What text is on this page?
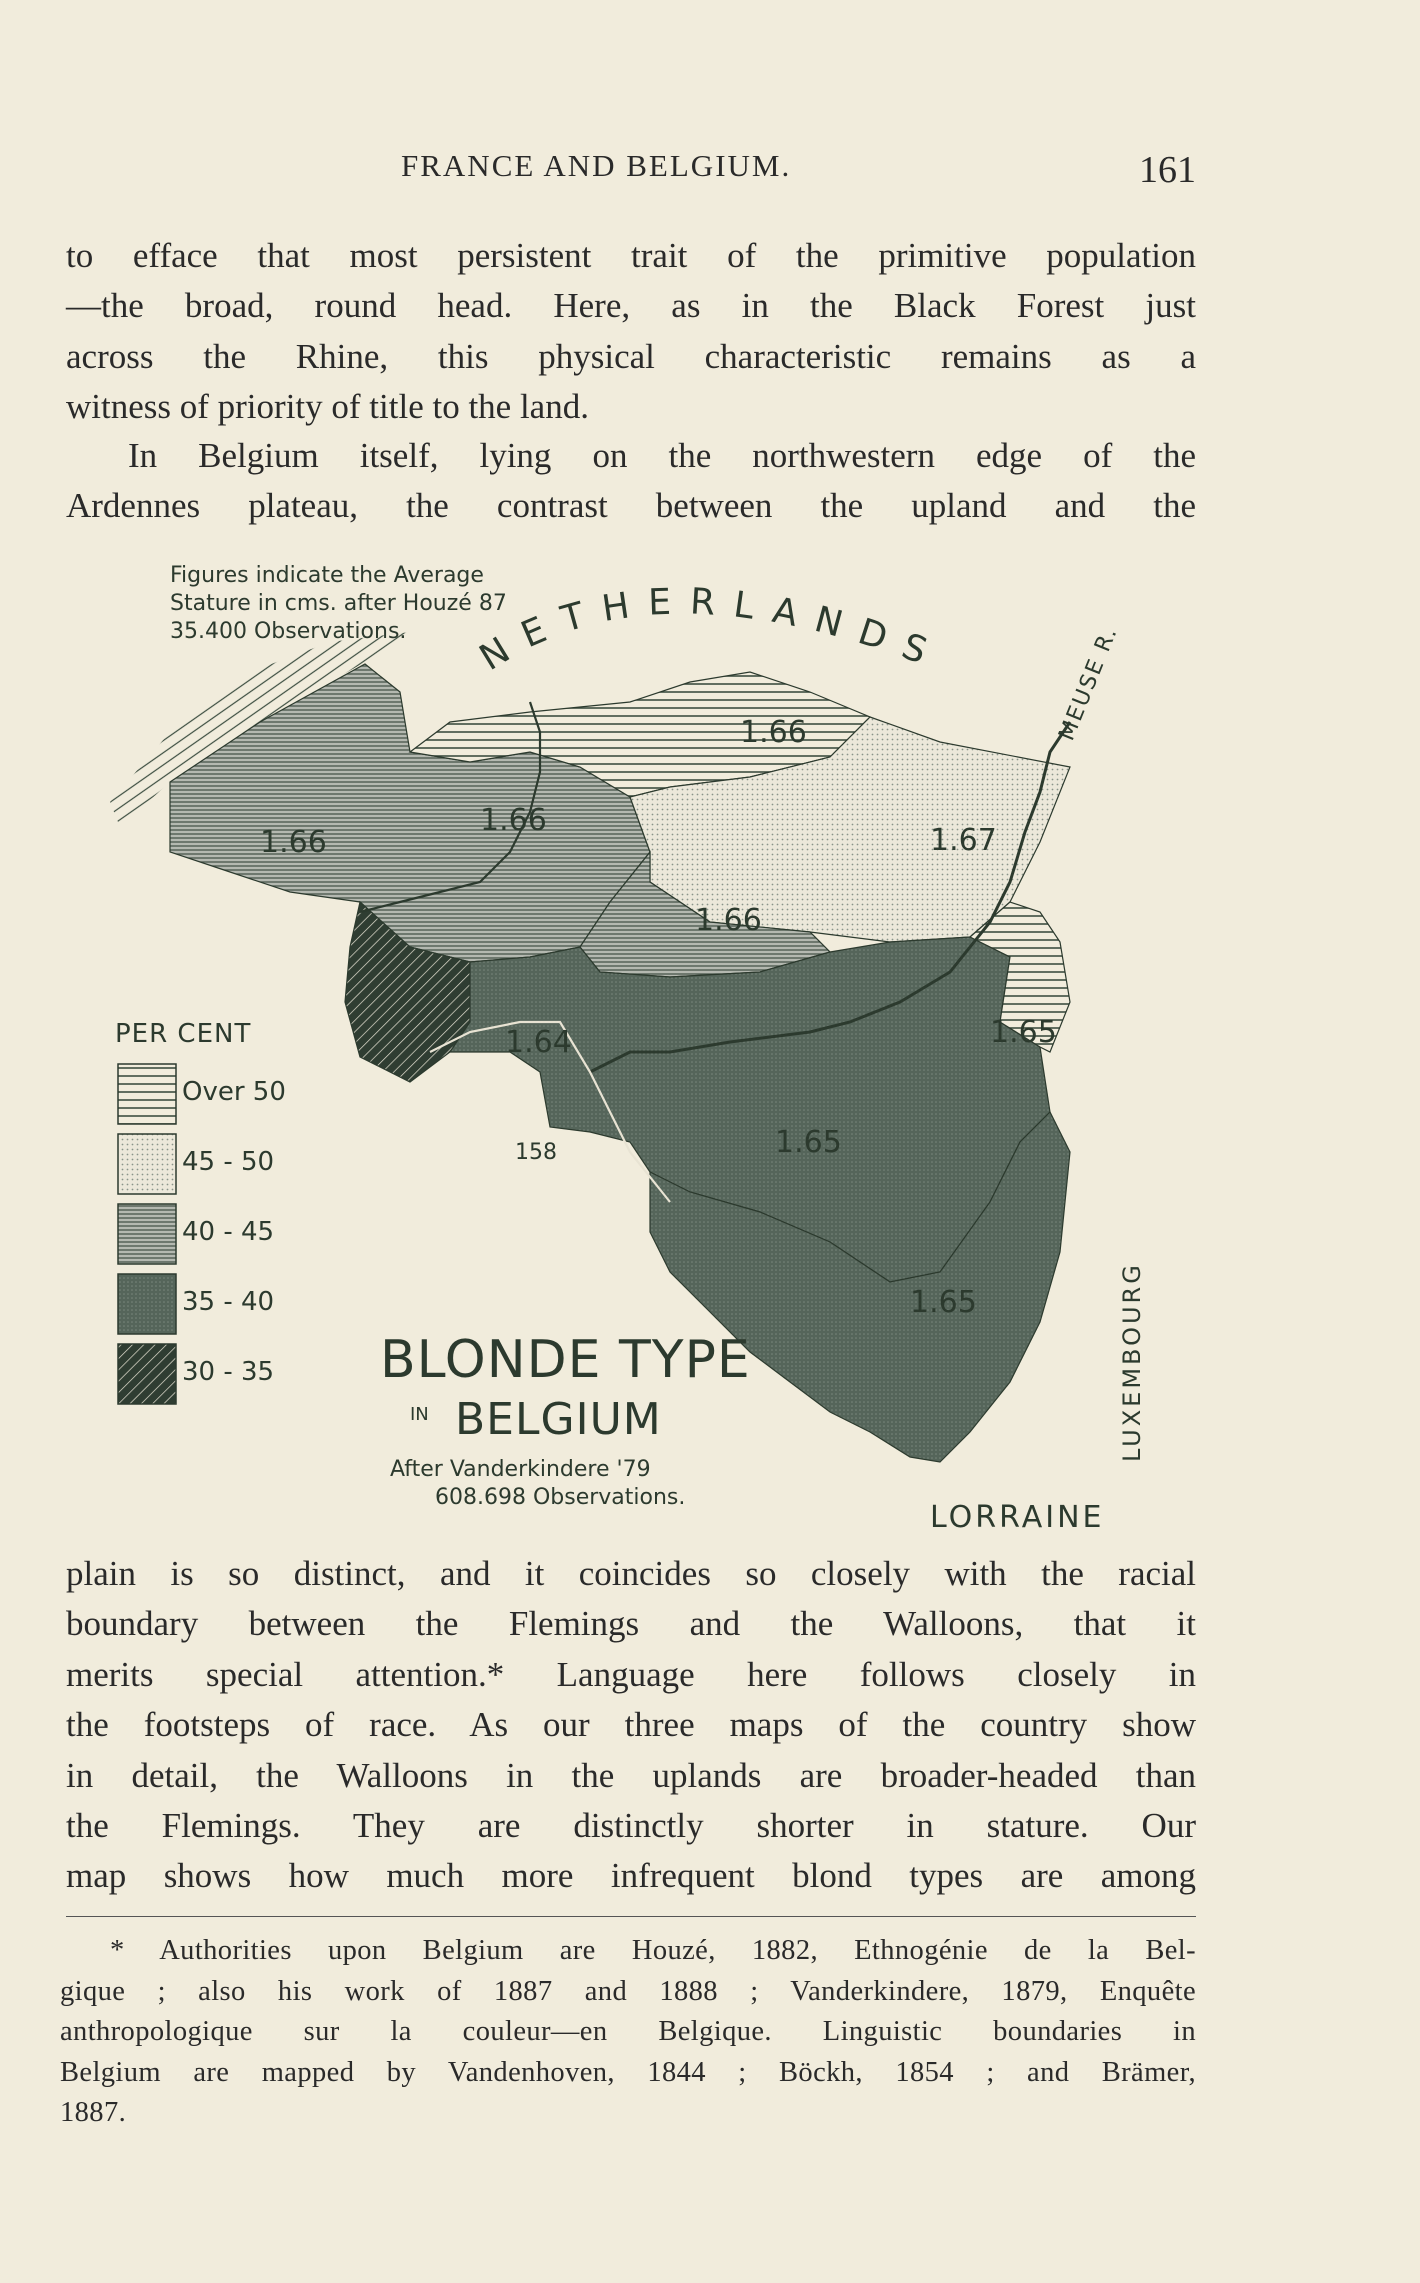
FRANCE AND BELGIUM.	161

to efface that most persistent trait of the primitive population
—the broad, round head. Here, as in the Black Forest just
across the Rhine, this physical characteristic remains as a
witness of priority of title to the land.

In Belgium itself, lying on the northwestern edge of the
Ardennes plateau, the contrast between the upland and the

PER CENT
Over 50
45 - 50
40 - 45
35 - 40
30 - 35
Figures indicate the Average
Stature in cms. after Houzé 87
35.400 Observations. NETHERLANDS	MEUSE R.
LUXEMBOURG
LORRAINE
1.66
1.66
1.66
1.67
1.66
1.64	1.65
1.65
1.65
158
BLONDE TYPE
IN BELGIUM
After Vanderkindere '79
608.698 Observations.

plain is so distinct, and it coincides so closely with the racial
boundary between the Flemings and the Walloons, that it
merits special attention.* Language here follows closely in
the footsteps of race. As our three maps of the country show
in detail, the Walloons in the uplands are broader-headed than
the Flemings. They are distinctly shorter in stature. Our
map shows how much more infrequent blond types are among

* Authorities upon Belgium are Houzé, 1882, Ethnogénie de la Bel-
gique ; also his work of 1887 and 1888 ; Vanderkindere, 1879, Enquête
anthropologique sur la couleur—en Belgique. Linguistic boundaries in
Belgium are mapped by Vandenhoven, 1844 ; Böckh, 1854 ; and Brämer,
1887.
